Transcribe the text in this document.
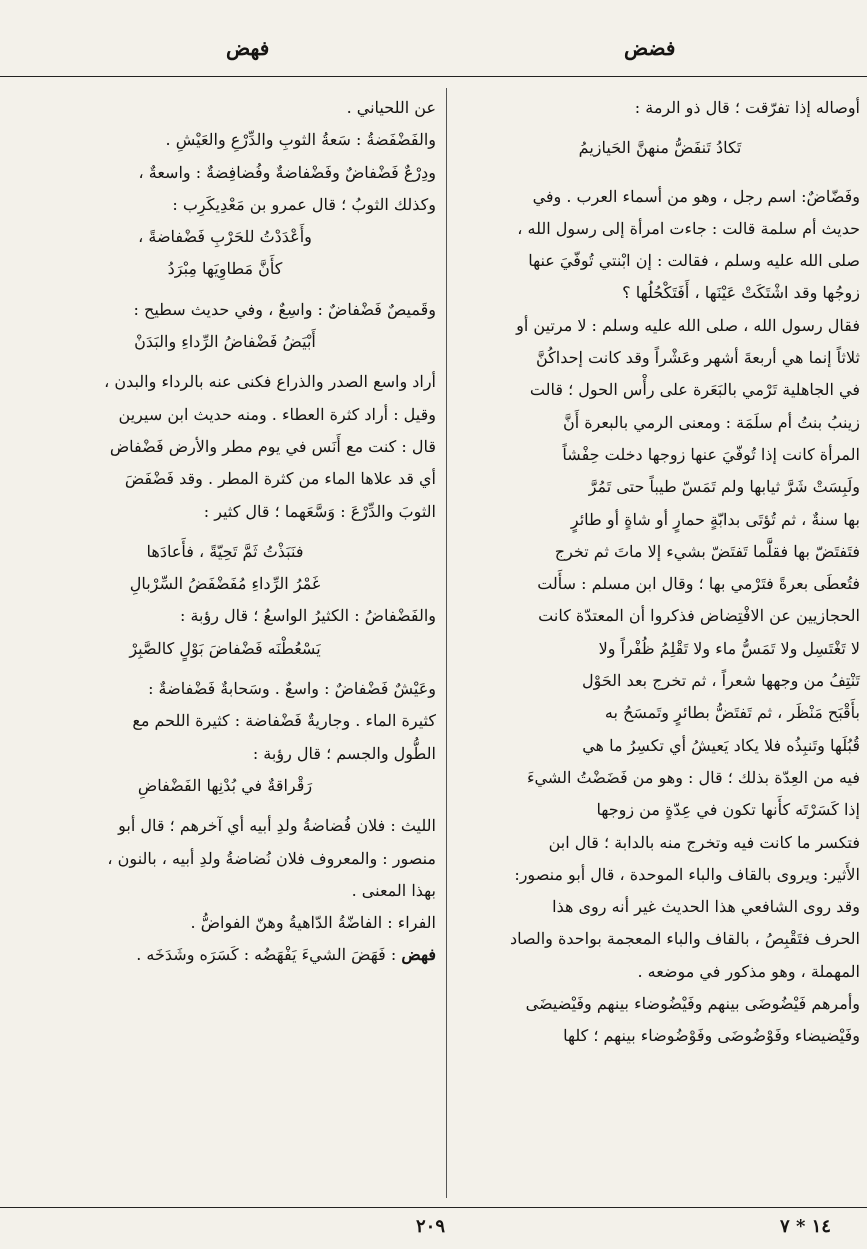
فضض
فهض

أوصاله إذا تفرّقت ؛ قال ذو الرمة :

تَكادُ تَنفَضُّ منهنَّ الحَيازيمُ

وفَضّاضٌ: اسم رجل ، وهو من أسماء العرب . وفي

حديث أم سلمة قالت : جاءت امرأة إلى رسول الله ،

صلى الله عليه وسلم ، فقالت : إن ابْنتي تُوفّيَ عنها

زوجُها وقد اشْتَكَتْ عَيْنَها ، أَفَتَكْحُلُها ؟

فقال رسول الله ، صلى الله عليه وسلم : لا مرتين أو

ثلاثاً إنما هي أربعةَ أشهر وعَشْراً وقد كانت إحداكُنَّ

في الجاهلية تَرْمي بالبَعَرة على رأْس الحول ؛ قالت

زينبُ بنتُ أم سلَمَة : ومعنى الرمي بالبعرة أَنَّ

المرأة كانت إذا تُوفّيَ عنها زوجها دخلت حِفْشاً

ولَبِسَتْ شَرَّ ثيابها ولم تَمَسّ طيباً حتى تَمُرَّ

بها سنةٌ ، ثم تُؤتَى بدابّةٍ حمارٍ أو شاةٍ أو طائرٍ

فتَفتَضّ بها فقلَّما تَفتَضّ بشيء إلا ماتَ ثم تخرج

فتُعطَى بعرةً فتَرْمي بها ؛ وقال ابن مسلم : سأَلت

الحجازيين عن الافْتِضاض فذكروا أن المعتدّة كانت

لا تَغْتَسِل ولا تَمَسُّ ماء ولا تَقْلِمُ ظُفْراً ولا

تَنْتِفُ من وجهها شعراً ، ثم تخرج بعد الحَوْل

بأَقْبَح مَنْظَر ، ثم تَفتَضُّ بطائرٍ وتَمسَحُ به

قُبُلَها وتَنبِذُه فلا يكاد يَعيشُ أي تكسِرُ ما هي

فيه من العِدّة بذلك ؛ قال : وهو من فَضَضْتُ الشيءَ

إذا كَسَرْتَه كأَنها تكون في عِدّةٍ من زوجها

فتكسر ما كانت فيه وتخرج منه بالدابة ؛ قال ابن

الأَثير: ويروى بالقاف والباء الموحدة ، قال أبو منصور:

وقد روى الشافعي هذا الحديث غير أنه روى هذا

الحرف فتَقْبِصُ ، بالقاف والباء المعجمة بواحدة والصاد

المهملة ، وهو مذكور في موضعه .

وأمرهم فَيْضُوضَى بينهم وفَيْضُوضاء بينهم وفَيْضيضَى

وفَيْضيضاء وفَوْضُوضَى وفَوْضُوضاء بينهم ؛ كلها

عن اللحياني .

والفَضْفَضةُ : سَعةُ الثوبِ والدِّرْعِ والعَيْشِ .

ودِرْعٌ فَضْفاضٌ وفَضْفاضةٌ وفُضافِضةٌ : واسعةٌ ،

وكذلك الثوبُ ؛ قال عمرو بن مَعْدِيكَرِب :

وأَعْدَدْتُ للحَرْبِ فَضْفاضةً ،

كأَنَّ مَطاوِيَها مِبْرَدُ

وقَميصٌ فَضْفاضٌ : واسِعٌ ، وفي حديث سطيح :

أَبْيَضُ فَضْفاضُ الرِّداءِ والبَدَنْ

أراد واسع الصدر والذراع فكنى عنه بالرداء والبدن ،

وقيل : أراد كثرة العطاء . ومنه حديث ابن سيرين

قال : كنت مع أَنَس في يوم مطر والأرض فَضْفاض

أي قد علاها الماء من كثرة المطر . وقد فَضْفَضَ

الثوبَ والدِّرْعَ : وَسَّعَهما ؛ قال كثير :

فنَبَذْتُ ثَمَّ تَحِيّةً ، فأَعادَها

غَمْرُ الرِّداءِ مُفَضْفَضُ السِّرْبالِ

والفَضْفاضُ : الكثيرُ الواسعُ ؛ قال رؤبة :

يَسْعُطْنَه فَضْفاضَ بَوْلٍ كالصَّبِرْ

وعَيْشٌ فَضْفاضٌ : واسعٌ . وسَحابةٌ فَضْفاضةٌ :

كثيرة الماء . وجاريةٌ فَضْفاضة : كثيرة اللحم مع

الطُّول والجسم ؛ قال رؤبة :

رَقْراقةٌ في بُدْنِها الفَضْفاضِ

الليث : فلان فُضاضةُ ولدِ أبيه أي آخرهم ؛ قال أبو

منصور : والمعروف فلان نُضاضةُ ولدِ أبيه ، بالنون ،

بهذا المعنى .

الفراء : الفاضّةُ الدّاهيةُ وهنّ الفواضُّ .

فهض : فَهَضَ الشيءَ يَفْهَضُه : كَسَرَه وشَدَخَه .

٢٠٩	١٤ * ٧
